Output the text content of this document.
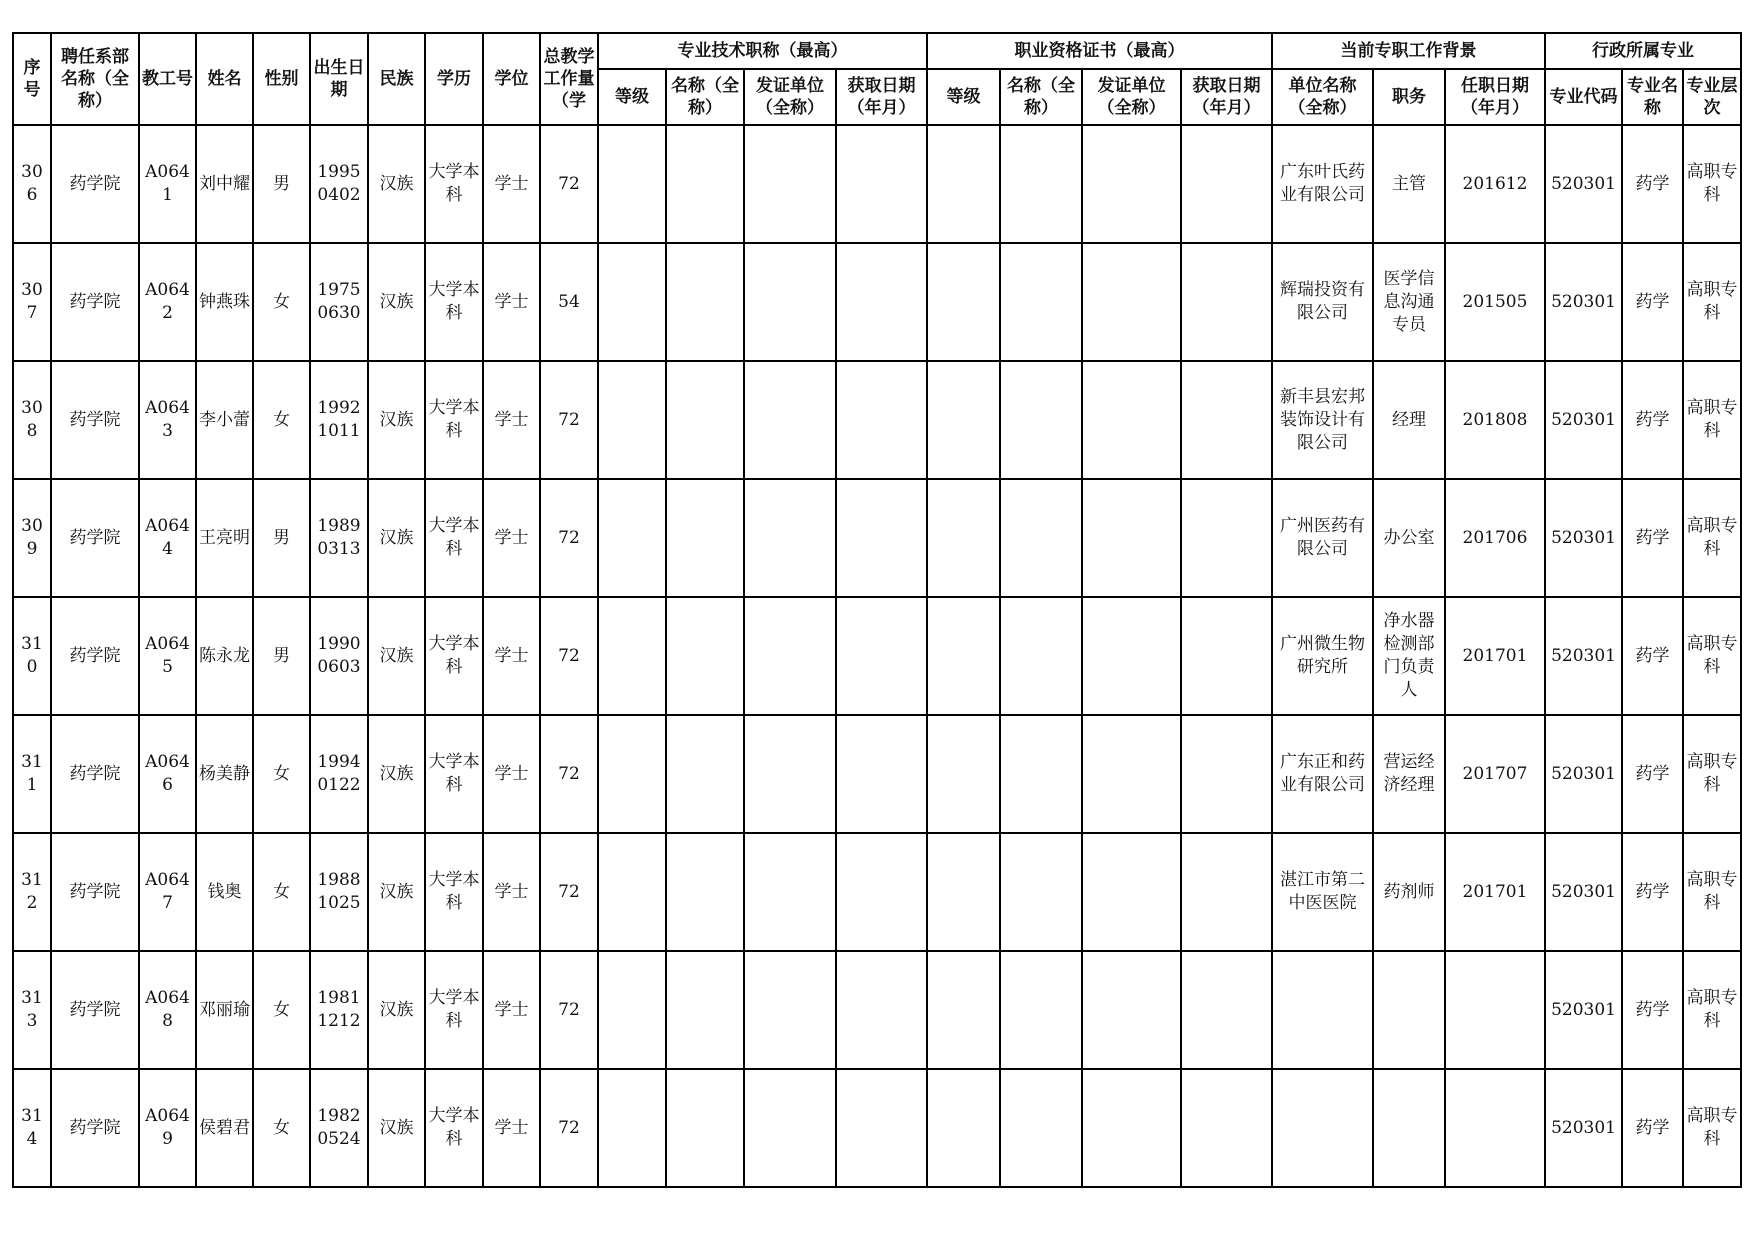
序号	聘任系部名称（全称）	教工号	姓名	性别	出生日期	民族	学历	学位	总教学工作量（学	专业技术职称（最高）				职业资格证书（最高）				当前专职工作背景			行政所属专业		
										等级	名称（全称）	发证单位（全称）	获取日期（年月）	等级	名称（全称）	发证单位（全称）	获取日期（年月）	单位名称（全称）	职务	任职日期（年月）	专业代码	专业名称	专业层次
306	药学院	A0641	刘中耀	男	19950402	汉族	大学本科	学士	72									广东叶氏药业有限公司	主管	201612	520301	药学	高职专科
307	药学院	A0642	钟燕珠	女	19750630	汉族	大学本科	学士	54									辉瑞投资有限公司	医学信息沟通专员	201505	520301	药学	高职专科
308	药学院	A0643	李小蕾	女	19921011	汉族	大学本科	学士	72									新丰县宏邦装饰设计有限公司	经理	201808	520301	药学	高职专科
309	药学院	A0644	王亮明	男	19890313	汉族	大学本科	学士	72									广州医药有限公司	办公室	201706	520301	药学	高职专科
310	药学院	A0645	陈永龙	男	19900603	汉族	大学本科	学士	72									广州微生物研究所	净水器检测部门负责人	201701	520301	药学	高职专科
311	药学院	A0646	杨美静	女	19940122	汉族	大学本科	学士	72									广东正和药业有限公司	营运经济经理	201707	520301	药学	高职专科
312	药学院	A0647	钱奥	女	19881025	汉族	大学本科	学士	72									湛江市第二中医医院	药剂师	201701	520301	药学	高职专科
313	药学院	A0648	邓丽瑜	女	19811212	汉族	大学本科	学士	72												520301	药学	高职专科
314	药学院	A0649	侯碧君	女	19820524	汉族	大学本科	学士	72												520301	药学	高职专科
